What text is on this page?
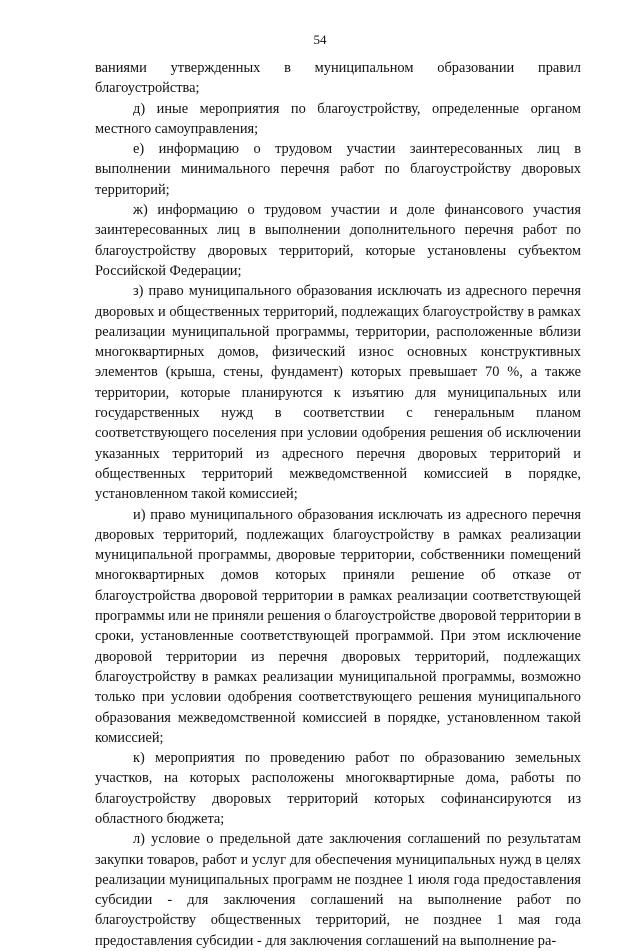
54

ваниями утвержденных в муниципальном образовании правил благоустройства;

д) иные мероприятия по благоустройству, определенные органом местного самоуправления;

е) информацию о трудовом участии заинтересованных лиц в выполнении минимального перечня работ по благоустройству дворовых территорий;

ж) информацию о трудовом участии и доле финансового участия заинтересованных лиц в выполнении дополнительного перечня работ по благоустройству дворовых территорий, которые установлены субъектом Российской Федерации;

з) право муниципального образования исключать из адресного перечня дворовых и общественных территорий, подлежащих благоустройству в рамках реализации муниципальной программы, территории, расположенные вблизи многоквартирных домов, физический износ основных конструктивных элементов (крыша, стены, фундамент) которых превышает 70 %, а также территории, которые планируются к изъятию для муниципальных или государственных нужд в соответствии с генеральным планом соответствующего поселения при условии одобрения решения об исключении указанных территорий из адресного перечня дворовых территорий и общественных территорий межведомственной комиссией в порядке, установленном такой комиссией;

и) право муниципального образования исключать из адресного перечня дворовых территорий, подлежащих благоустройству в рамках реализации муниципальной программы, дворовые территории, собственники помещений многоквартирных домов которых приняли решение об отказе от благоустройства дворовой территории в рамках реализации соответствующей программы или не приняли решения о благоустройстве дворовой территории в сроки, установленные соответствующей программой. При этом исключение дворовой территории из перечня дворовых территорий, подлежащих благоустройству в рамках реализации муниципальной программы, возможно только при условии одобрения соответствующего решения муниципального образования межведомственной комиссией в порядке, установленном такой комиссией;

к) мероприятия по проведению работ по образованию земельных участков, на которых расположены многоквартирные дома, работы по благоустройству дворовых территорий которых софинансируются из областного бюджета;

л) условие о предельной дате заключения соглашений по результатам закупки товаров, работ и услуг для обеспечения муниципальных нужд в целях реализации муниципальных программ не позднее 1 июля года предоставления субсидии - для заключения соглашений на выполнение работ по благоустройству общественных территорий, не позднее 1 мая года предоставления субсидии - для заключения соглашений на выполнение ра-
